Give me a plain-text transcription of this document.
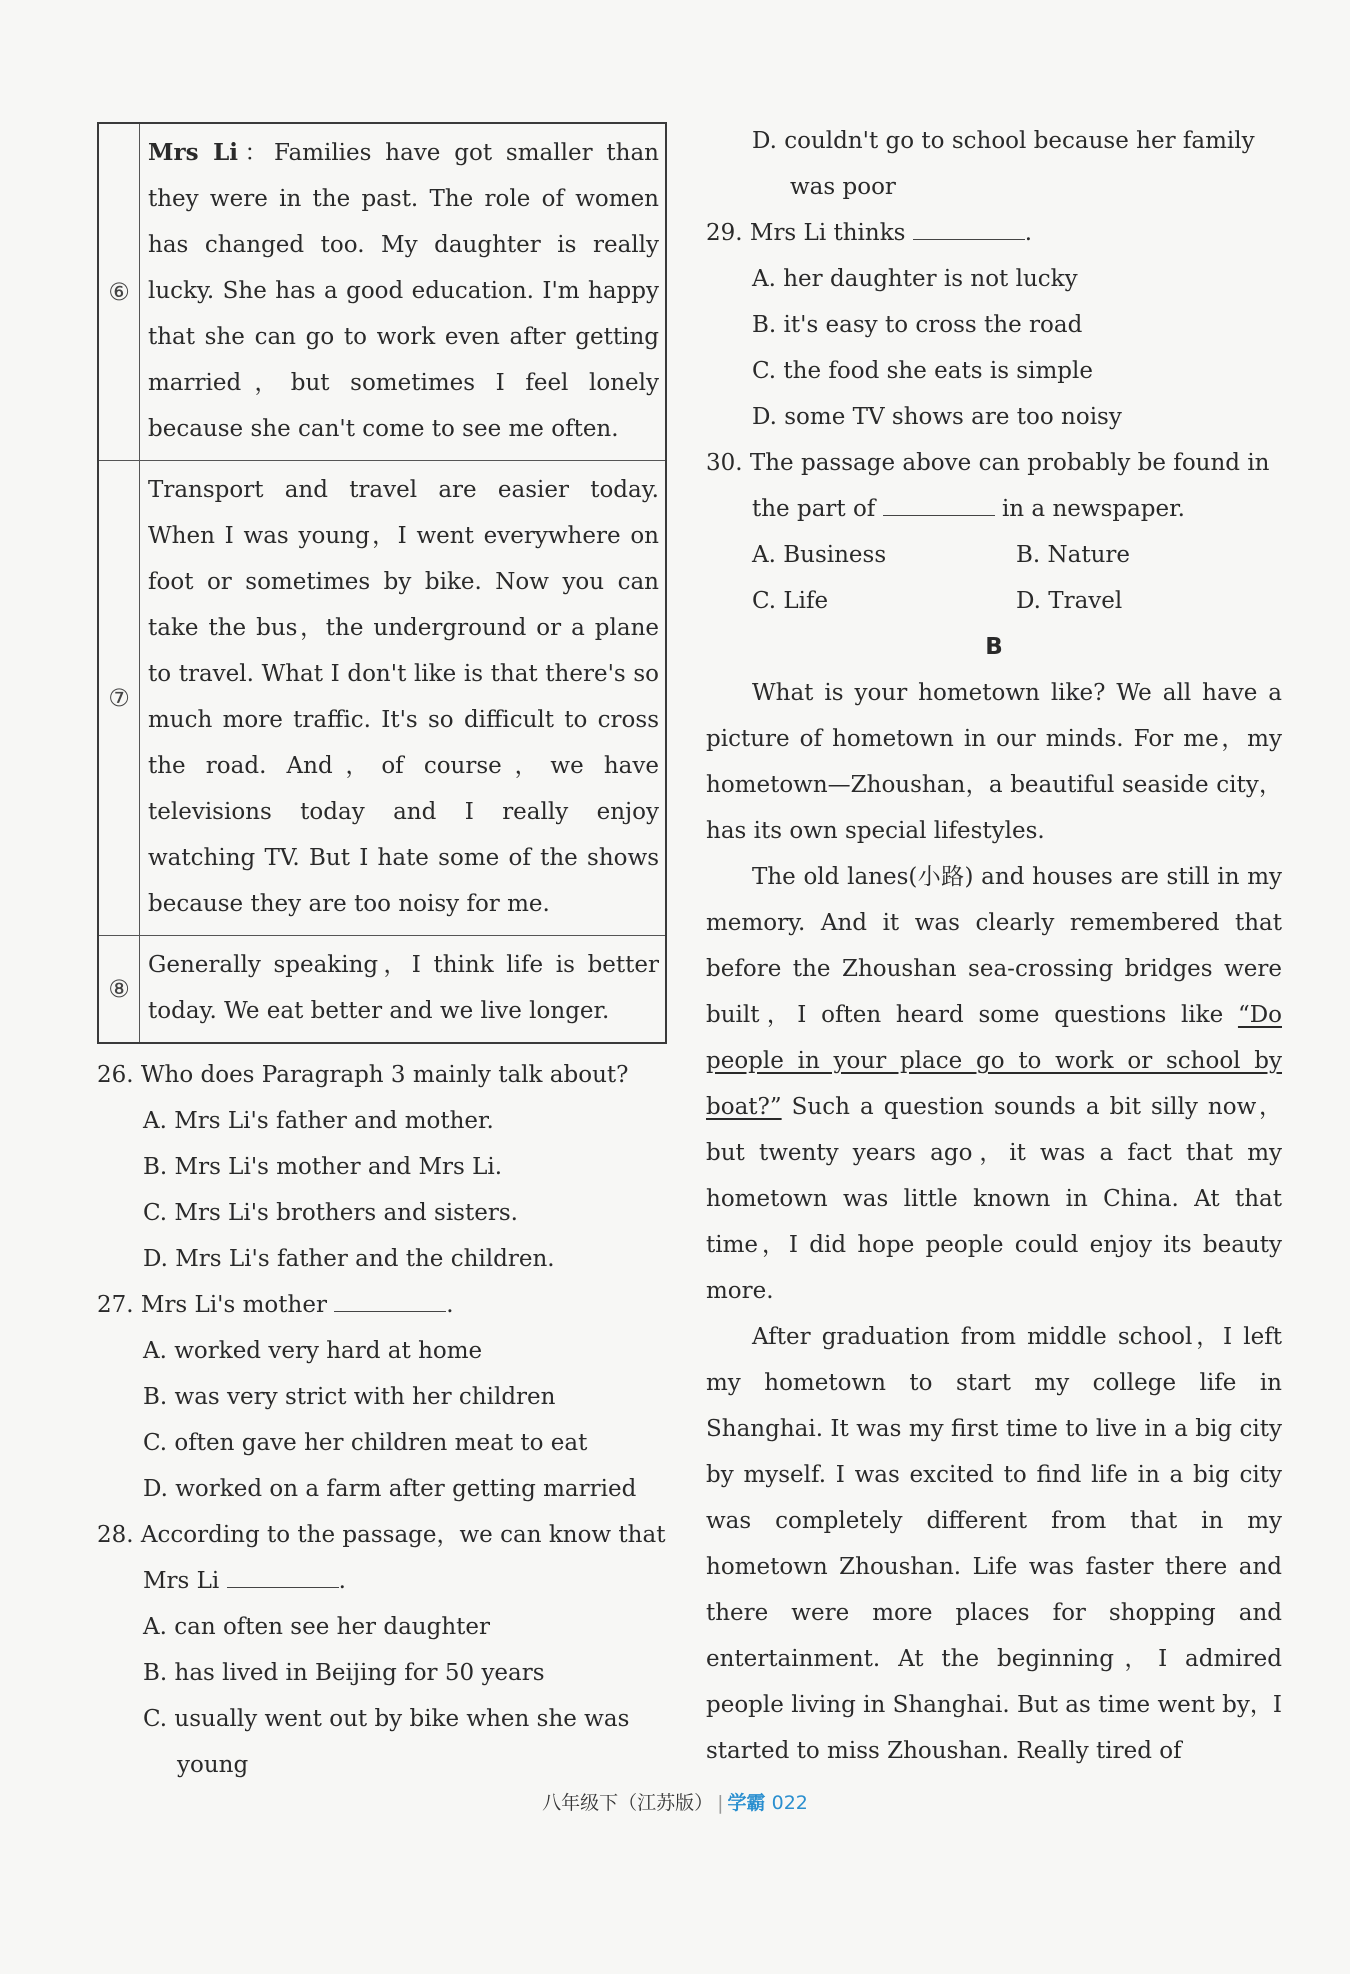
⑥	Mrs Li：Families have got smaller than they were in the past. The role of women has changed too. My daughter is really lucky. She has a good education. I'm happy that she can go to work even after getting married，but sometimes I feel lonely because she can't come to see me often.
⑦	Transport and travel are easier today. When I was young，I went everywhere on foot or sometimes by bike. Now you can take the bus，the underground or a plane to travel. What I don't like is that there's so much more traffic. It's so difficult to cross the road. And，of course，we have televisions today and I really enjoy watching TV. But I hate some of the shows because they are too noisy for me.
⑧	Generally speaking，I think life is better today. We eat better and we live longer.
26. Who does Paragraph 3 mainly talk about?
A. Mrs Li's father and mother.
B. Mrs Li's mother and Mrs Li.
C. Mrs Li's brothers and sisters.
D. Mrs Li's father and the children.
27. Mrs Li's mother	.
A. worked very hard at home
B. was very strict with her children
C. often gave her children meat to eat
D. worked on a farm after getting married
28. According to the passage，we can know that
Mrs Li	.
A. can often see her daughter
B. has lived in Beijing for 50 years
C. usually went out by bike when she was
young
D. couldn't go to school because her family
was poor
29. Mrs Li thinks	.
A. her daughter is not lucky
B. it's easy to cross the road
C. the food she eats is simple
D. some TV shows are too noisy
30. The passage above can probably be found in
the part of	in a newspaper.
A. Business	B. Nature
C. Life	D. Travel
B

What is your hometown like? We all have a picture of hometown in our minds. For me，my hometown—Zhoushan，a beautiful seaside city，has its own special lifestyles.

The old lanes(小路) and houses are still in my memory. And it was clearly remembered that before the Zhoushan sea-crossing bridges were built，I often heard some questions like “Do people in your place go to work or school by boat?” Such a question sounds a bit silly now，but twenty years ago，it was a fact that my hometown was little known in China. At that time，I did hope people could enjoy its beauty more.

After graduation from middle school，I left my hometown to start my college life in Shanghai. It was my first time to live in a big city by myself. I was excited to find life in a big city was completely different from that in my hometown Zhoushan. Life was faster there and there were more places for shopping and entertainment. At the beginning，I admired people living in Shanghai. But as time went by，I started to miss Zhoushan. Really tired of

八年级下（江苏版） | 学霸 022
